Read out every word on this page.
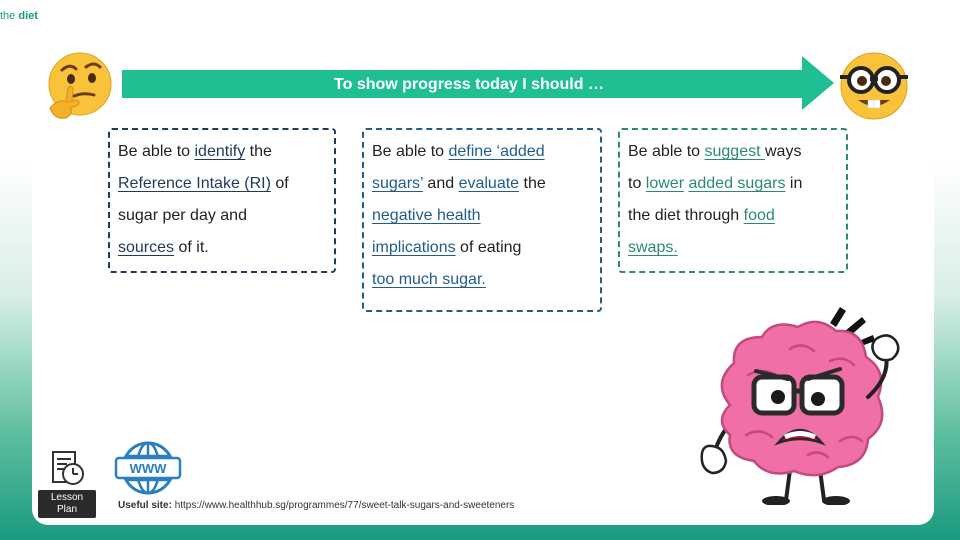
the diet
To show progress today I should …
Be able to identify the
Reference Intake (RI) of
sugar per day and
sources of it.
Be able to define ‘added
sugars’ and evaluate the
negative health
implications of eating
too much sugar.
Be able to suggest ways
to lower added sugars in
the diet through food
swaps.
Lesson
Plan
WWW
Useful site: https://www.healthhub.sg/programmes/77/sweet-talk-sugars-and-sweeteners
